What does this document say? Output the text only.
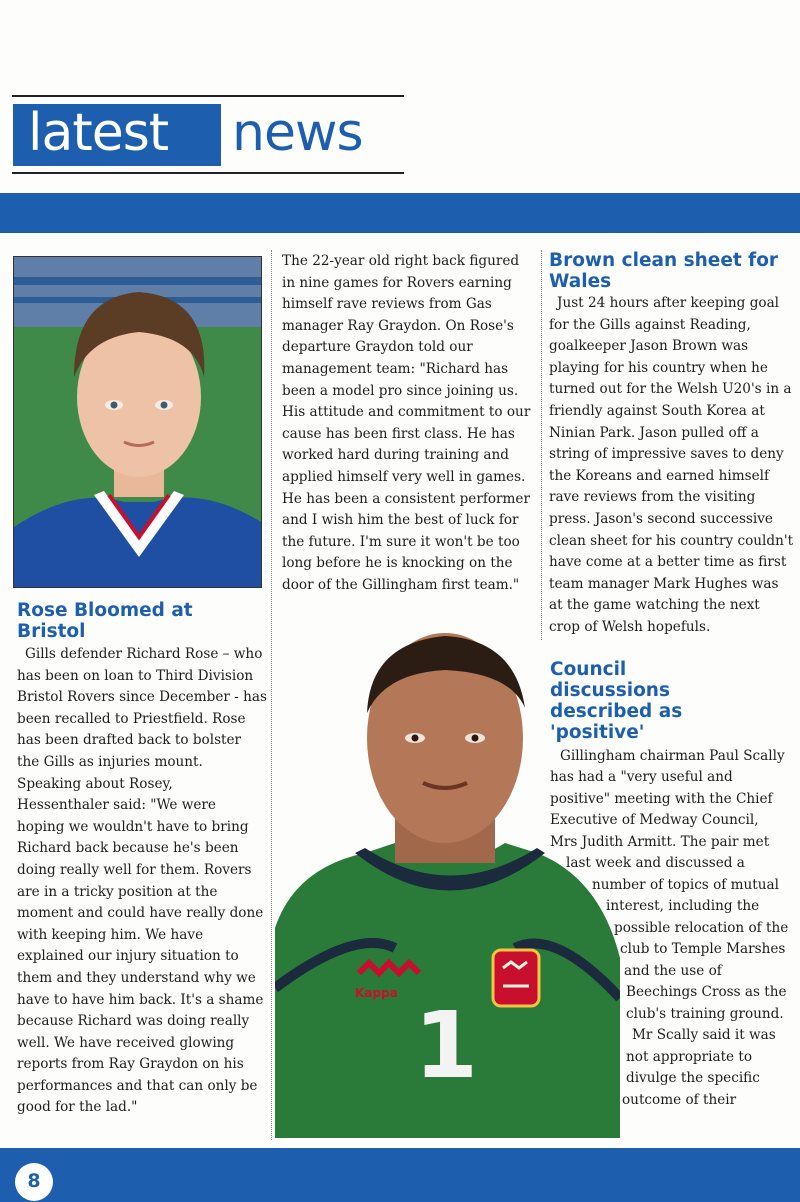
latest news
Rose Bloomed at Bristol

Gills defender Richard Rose – who has been on loan to Third Division Bristol Rovers since December - has been recalled to Priestfield. Rose has been drafted back to bolster the Gills as injuries mount. Speaking about Rosey, Hessenthaler said: "We were hoping we wouldn't have to bring Richard back because he's been doing really well for them. Rovers are in a tricky position at the moment and could have really done with keeping him. We have explained our injury situation to them and they understand why we have to have him back. It's a shame because Richard was doing really well. We have received glowing reports from Ray Graydon on his performances and that can only be good for the lad."

The 22-year old right back figured in nine games for Rovers earning himself rave reviews from Gas manager Ray Graydon. On Rose's departure Graydon told our management team: "Richard has been a model pro since joining us. His attitude and commitment to our cause has been first class. He has worked hard during training and applied himself very well in games. He has been a consistent performer and I wish him the best of luck for the future. I'm sure it won't be too long before he is knocking on the door of the Gillingham first team."

Brown clean sheet for Wales

Just 24 hours after keeping goal for the Gills against Reading, goalkeeper Jason Brown was playing for his country when he turned out for the Welsh U20's in a friendly against South Korea at Ninian Park. Jason pulled off a string of impressive saves to deny the Koreans and earned himself rave reviews from the visiting press. Jason's second successive clean sheet for his country couldn't have come at a better time as first team manager Mark Hughes was at the game watching the next crop of Welsh hopefuls.

Council discussions described as 'positive'
Gillingham chairman Paul Scally
has had a "very useful and
positive" meeting with the Chief
Executive of Medway Council,
Mrs Judith Armitt. The pair met
last week and discussed a
number of topics of mutual
interest, including the
possible relocation of the
club to Temple Marshes
and the use of
Beechings Cross as the
club's training ground.
Mr Scally said it was
not appropriate to
divulge the specific
outcome of their
Kappa 1
8
